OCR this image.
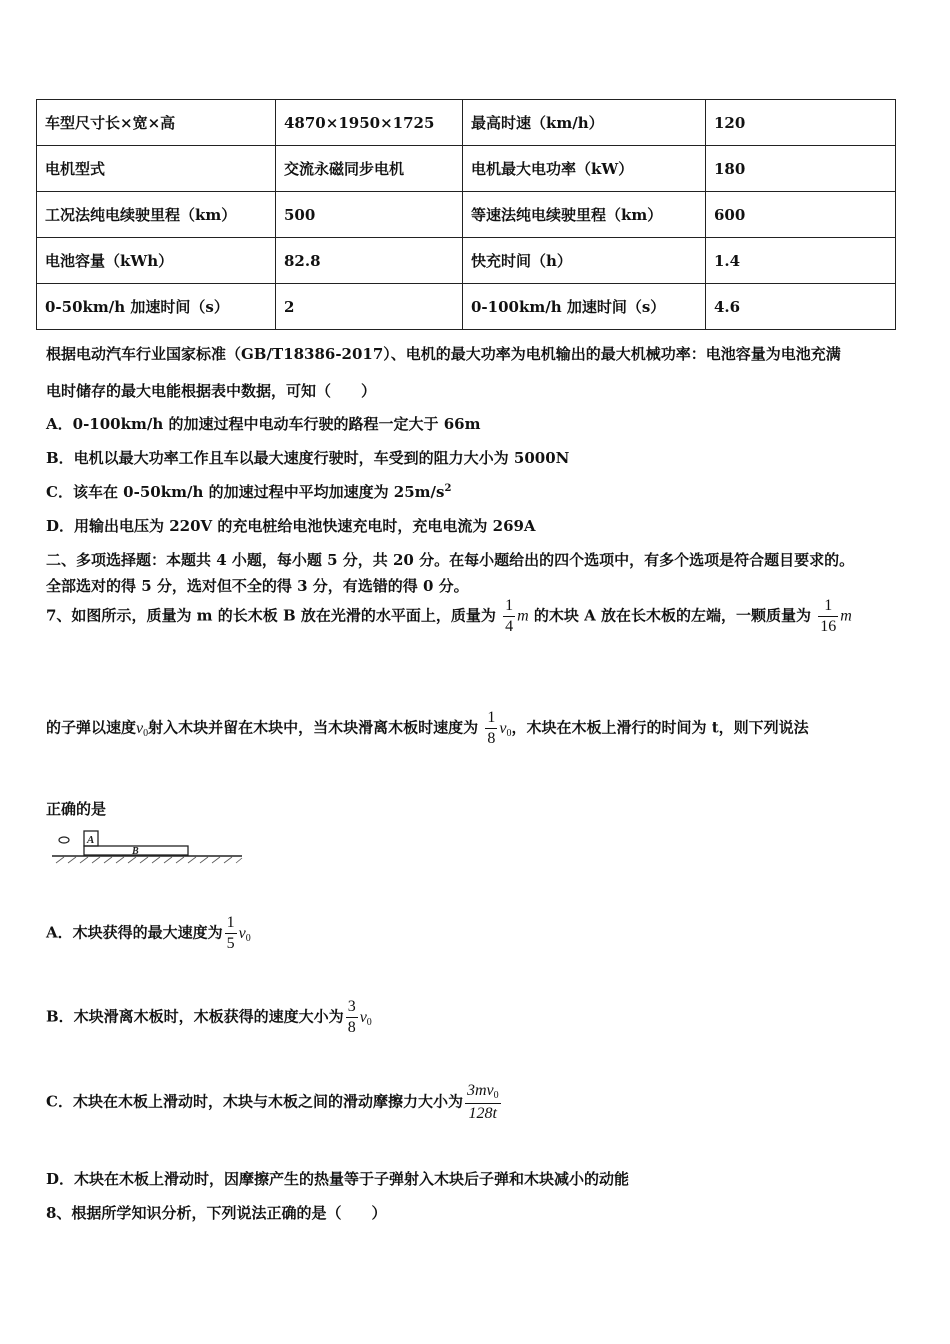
车型尺寸长×宽×高	4870×1950×1725	最高时速（km/h）	120
电机型式	交流永磁同步电机	电机最大电功率（kW）	180
工况法纯电续驶里程（km）	500	等速法纯电续驶里程（km）	600
电池容量（kWh）	82.8	快充时间（h）	1.4
0-50km/h 加速时间（s）	2	0-100km/h 加速时间（s）	4.6
根据电动汽车行业国家标准（GB/T18386-2017）、电机的最大功率为电机输出的最大机械功率：电池容量为电池充满
电时储存的最大电能根据表中数据，可知（　　）
A．0-100km/h 的加速过程中电动车行驶的路程一定大于 66m
B．电机以最大功率工作且车以最大速度行驶时，车受到的阻力大小为 5000N
C．该车在 0-50km/h 的加速过程中平均加速度为 $25m/s^2$
D．用输出电压为 220V 的充电桩给电池快速充电时，充电电流为 269A
二、多项选择题：本题共 4 小题，每小题 5 分，共 20 分。在每小题给出的四个选项中，有多个选项是符合题目要求的。
全部选对的得 5 分，选对但不全的得 3 分，有选错的得 0 分。
7、如图所示，质量为 m 的长木板 B 放在光滑的水平面上，质量为 $\frac{1}{4}$ m 的木块 A 放在长木板的左端，一颗质量为 $\frac{1}{16}$ m
的子弹以速度$v_0$射入木块并留在木块中，当木块滑离木板时速度为 $\frac{1}{8} v_0$，木块在木板上滑行的时间为 t，则下列说法
正确的是
A
B
A．木块获得的最大速度为 $\frac{1}{5} v_0$
B．木块滑离木板时，木板获得的速度大小为 $\frac{3}{8} v_0$
C．木块在木板上滑动时，木块与木板之间的滑动摩擦力大小为 $\frac{3mv_0}{128t}$
D．木块在木板上滑动时，因摩擦产生的热量等于子弹射入木块后子弹和木块减小的动能
8、根据所学知识分析，下列说法正确的是（　　）
